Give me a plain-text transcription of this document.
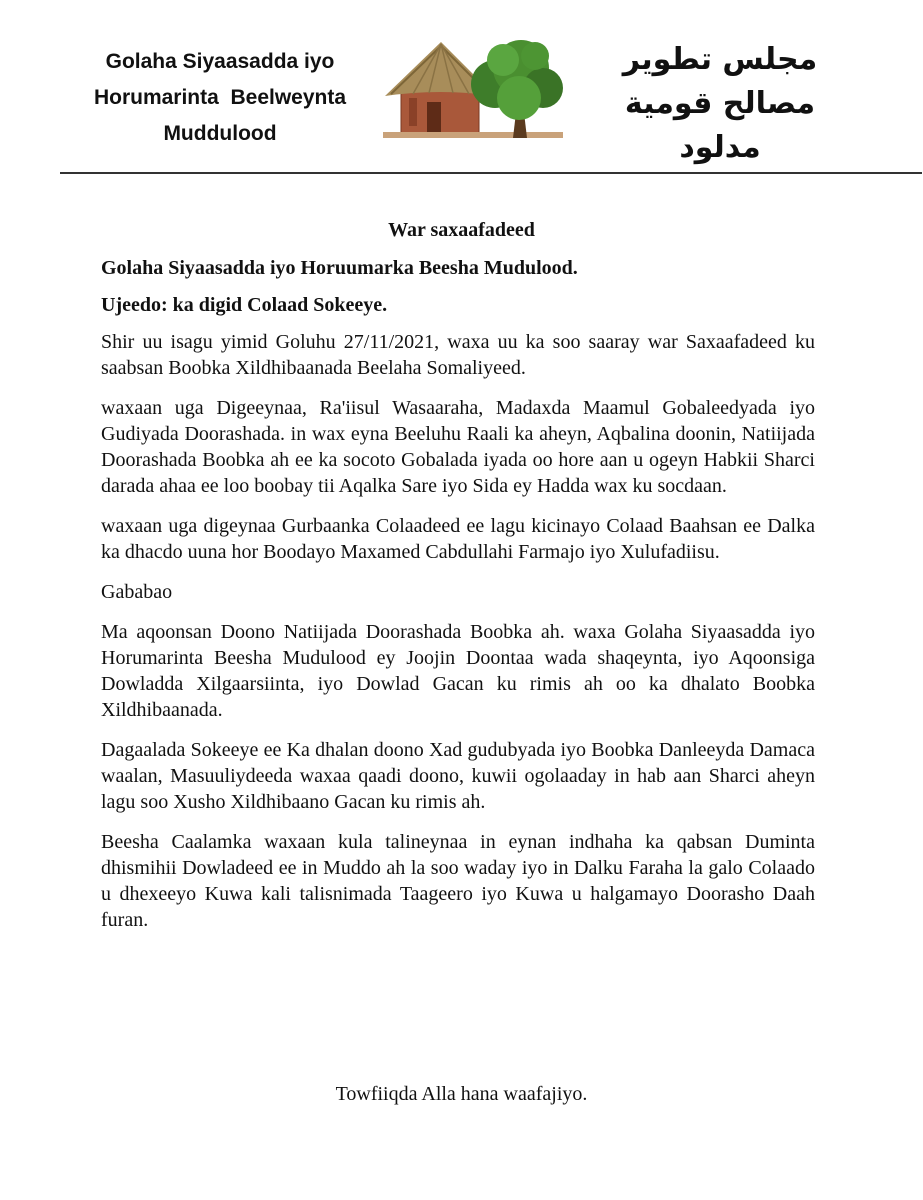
Golaha Siyaasadda iyo
Horumarinta  Beelweynta
Muddulood
مجلس تطوير
مصالح قومية
مدلود
War saxaafadeed

Golaha Siyaasadda iyo Horuumarka Beesha Mudulood.

Ujeedo: ka digid Colaad Sokeeye.

Shir uu isagu yimid Goluhu 27/11/2021, waxa uu ka soo saaray war Saxaafadeed ku saabsan Boobka Xildhibaanada Beelaha Somaliyeed.

waxaan uga Digeeynaa, Ra'iisul Wasaaraha, Madaxda Maamul Gobaleedyada iyo Gudiyada Doorashada. in wax eyna Beeluhu Raali ka aheyn, Aqbalina doonin, Natiijada Doorashada Boobka ah ee ka socoto Gobalada iyada oo hore aan u ogeyn Habkii Sharci darada ahaa ee loo boobay tii Aqalka Sare iyo Sida ey Hadda wax ku socdaan.

waxaan uga digeynaa Gurbaanka Colaadeed ee lagu kicinayo Colaad Baahsan ee Dalka ka dhacdo uuna hor Boodayo Maxamed Cabdullahi Farmajo iyo Xulufadiisu.

Gababao

Ma aqoonsan Doono Natiijada Doorashada Boobka ah. waxa Golaha Siyaasadda iyo Horumarinta Beesha Mudulood ey Joojin Doontaa wada shaqeynta, iyo Aqoonsiga Dowladda Xilgaarsiinta, iyo Dowlad Gacan ku rimis ah oo ka dhalato Boobka Xildhibaanada.

Dagaalada Sokeeye ee Ka dhalan doono Xad gudubyada iyo Boobka Danleeyda Damaca waalan, Masuuliydeeda waxaa qaadi doono, kuwii ogolaaday in hab aan Sharci aheyn lagu soo Xusho Xildhibaano Gacan ku rimis ah.

Beesha Caalamka waxaan kula talineynaa in eynan indhaha ka qabsan Duminta dhismihii Dowladeed ee in Muddo ah la soo waday iyo in Dalku Faraha la galo Colaado u dhexeeyo Kuwa kali talisnimada Taageero iyo Kuwa u halgamayo Doorasho Daah furan.

Towfiiqda Alla hana waafajiyo.
